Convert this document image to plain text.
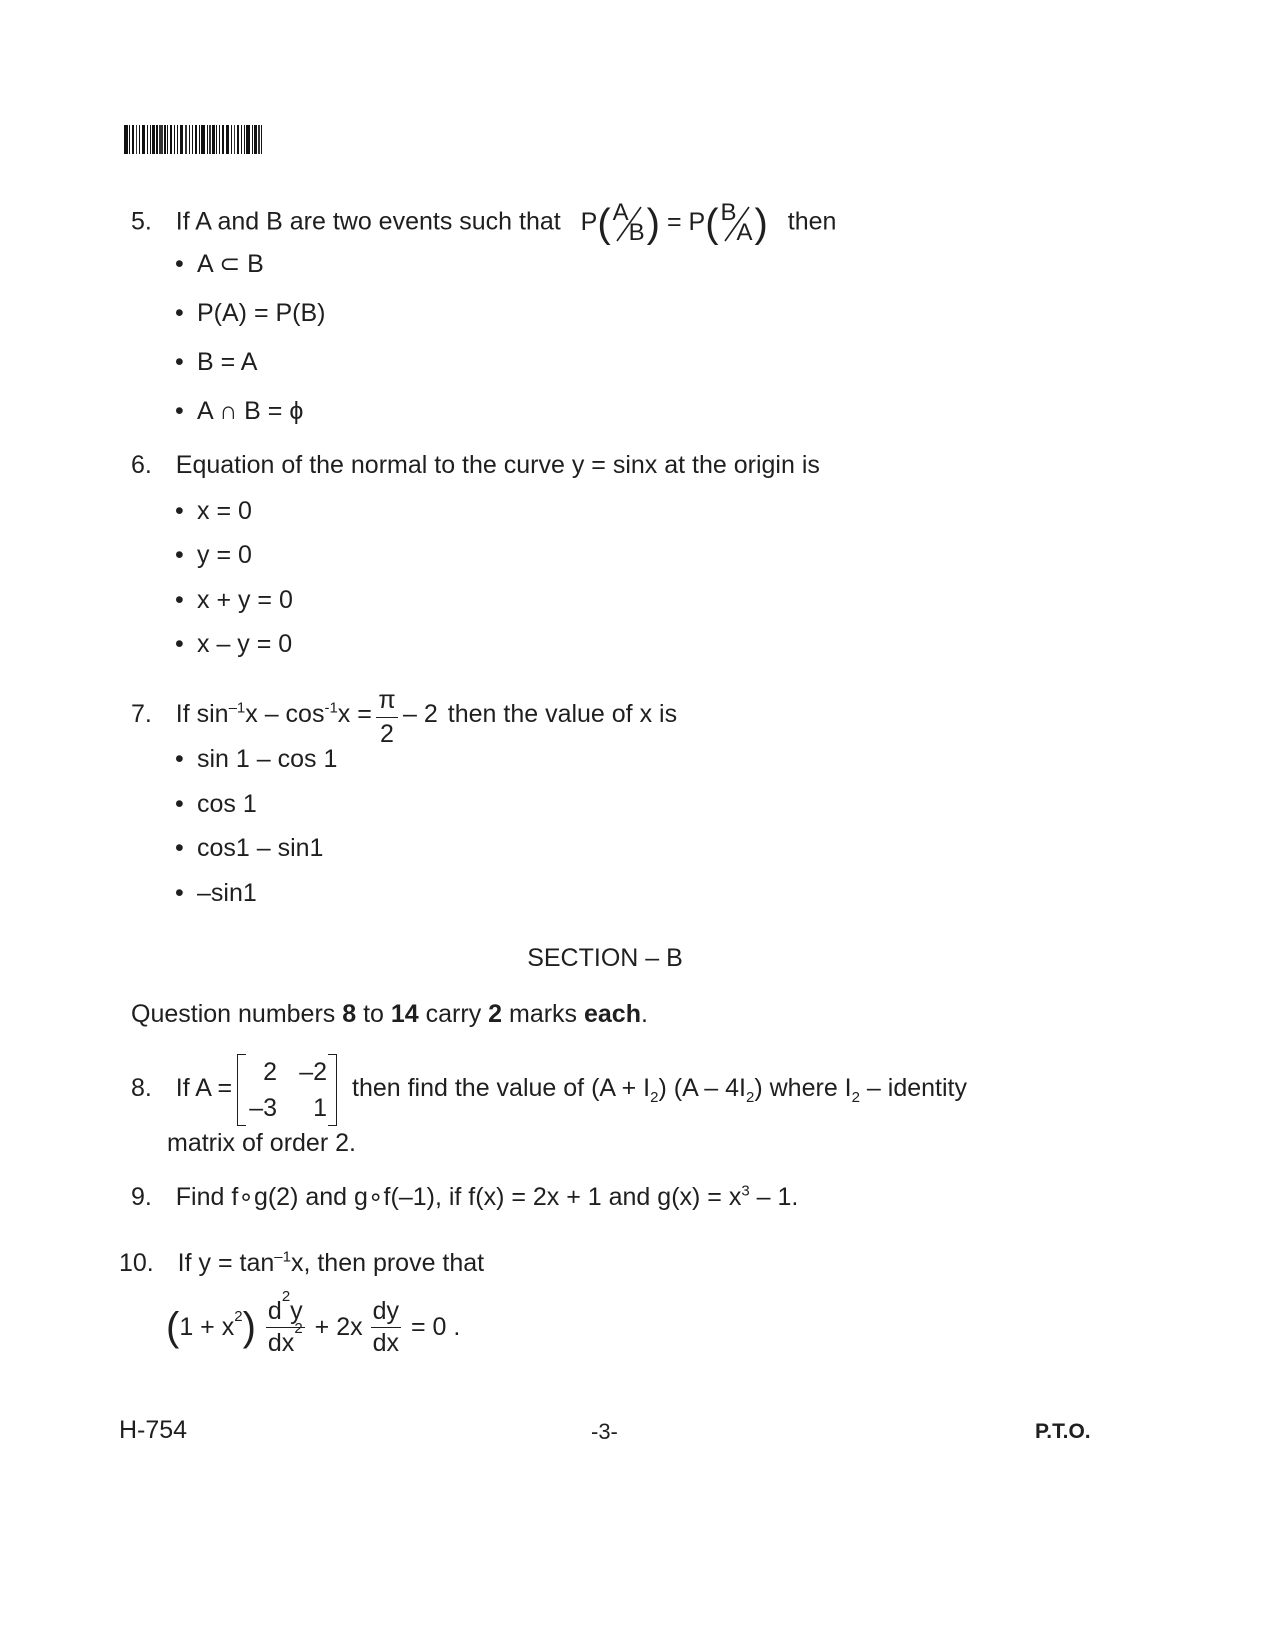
5. If A and B are two events such that P( A
B ) = P( B
A ) then
• A ⊂ B
• P(A) = P(B)
• B = A
• A ∩ B = ϕ
6. Equation of the normal to the curve y = sinx at the origin is
• x = 0
• y = 0
• x + y = 0
• x – y = 0
7. If $\sin^{-1}x - \cos^{-1}x = \pi$
2
– 2 then the value of x is
• sin 1 – cos 1
• cos 1
• cos1 – sin1
• –sin1
SECTION – B
Question numbers 8 to 14 carry 2 marks each.
8. If A =
2 –2
–3	1
then find the value of $(A + I_2)$ $(A - 4I_2)$ where $I_2$ – identity
matrix of order 2.
9. Find f∘g(2) and g∘f(–1), if f(x) = 2x + 1 and $g(x) = x^3 - 1$.
10. If $y = \tan^{-1}x$, then prove that
( $1 + x^2$ ) $\frac{d^2y}{dx^2} + 2x \frac{dy}{dx} = 0$ .
H-754	-3-	P.T.O.
